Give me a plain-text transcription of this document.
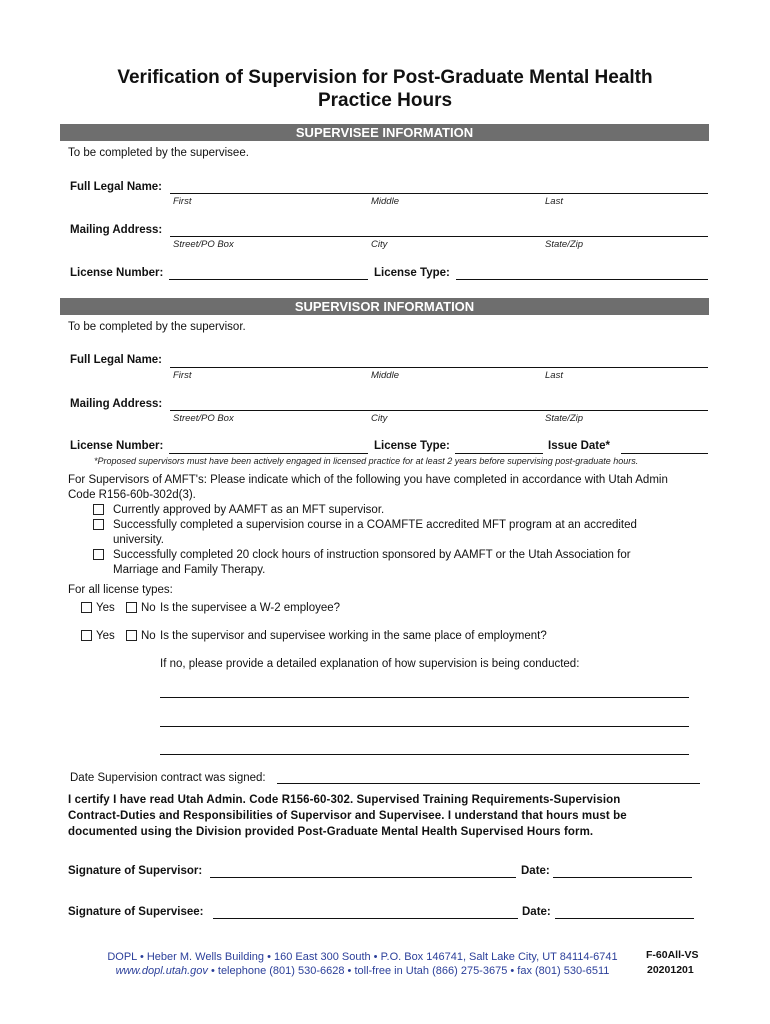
Verification of Supervision for Post-Graduate Mental Health
Practice Hours
SUPERVISEE INFORMATION
To be completed by the supervisee.
Full Legal Name:
First	Middle	Last
Mailing Address:
Street/PO Box	City	State/Zip
License Number:	License Type:
SUPERVISOR INFORMATION
To be completed by the supervisor.
Full Legal Name:
First	Middle	Last
Mailing Address:
Street/PO Box	City	State/Zip
License Number:	License Type:	Issue Date*
*Proposed supervisors must have been actively engaged in licensed practice for at least 2 years before supervising post-graduate hours.
For Supervisors of AMFT's: Please indicate which of the following you have completed in accordance with Utah Admin
Code R156-60b-302d(3).
Currently approved by AAMFT as an MFT supervisor.
Successfully completed a supervision course in a COAMFTE accredited MFT program at an accredited
university.
Successfully completed 20 clock hours of instruction sponsored by AAMFT or the Utah Association for
Marriage and Family Therapy.
For all license types:
Yes No Is the supervisee a W-2 employee?
Yes No Is the supervisor and supervisee working in the same place of employment?
If no, please provide a detailed explanation of how supervision is being conducted:
Date Supervision contract was signed:
I certify I have read Utah Admin. Code R156-60-302. Supervised Training Requirements-Supervision
Contract-Duties and Responsibilities of Supervisor and Supervisee. I understand that hours must be
documented using the Division provided Post-Graduate Mental Health Supervised Hours form.
Signature of Supervisor:	Date:
Signature of Supervisee:	Date:
DOPL • Heber M. Wells Building • 160 East 300 South • P.O. Box 146741, Salt Lake City, UT 84114-6741
www.dopl.utah.gov • telephone (801) 530-6628 • toll-free in Utah (866) 275-3675 • fax (801) 530-6511
F-60All-VS
20201201
